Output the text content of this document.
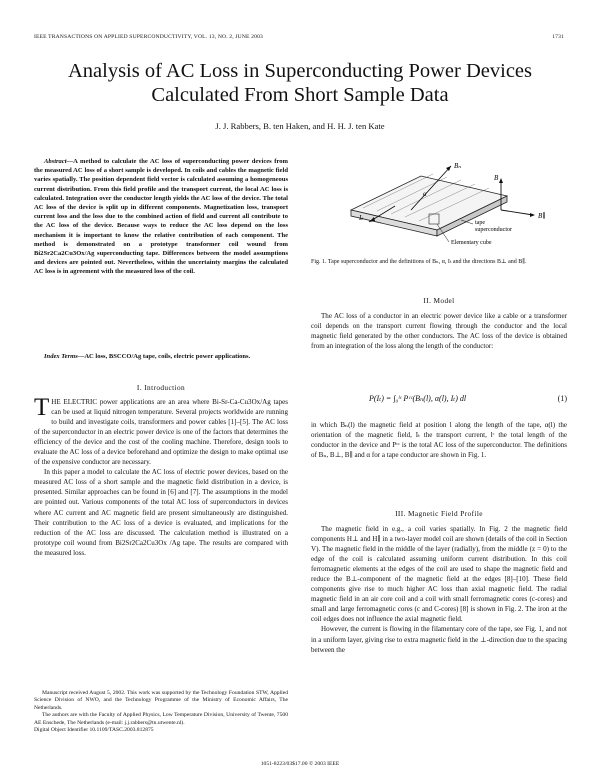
IEEE TRANSACTIONS ON APPLIED SUPERCONDUCTIVITY, VOL. 13, NO. 2, JUNE 2003	1731
Analysis of AC Loss in Superconducting Power Devices Calculated From Short Sample Data
J. J. Rabbers, B. ten Haken, and H. H. J. ten Kate

Abstract—A method to calculate the AC loss of superconducting power devices from the measured AC loss of a short sample is developed. In coils and cables the magnetic field varies spatially. The position dependent field vector is calculated assuming a homogeneous current distribution. From this field profile and the transport current, the local AC loss is calculated. Integration over the conductor length yields the AC loss of the device. The total AC loss of the device is split up in different components. Magnetization loss, transport current loss and the loss due to the combined action of field and current all contribute to the AC loss of the device. Because ways to reduce the AC loss depend on the loss mechanism it is important to know the relative contribution of each component. The method is demonstrated on a prototype transformer coil wound from Bi2Sr2Ca2Cu3Ox/Ag superconducting tape. Differences between the model assumptions and devices are pointed out. Nevertheless, within the uncertainty margins the calculated AC loss is in agreement with the measured loss of the coil.

Index Terms—AC loss, BSCCO/Ag tape, coils, electric power applications.

I. Introduction

THE ELECTRIC power applications are an area where Bi-Sr-Ca-Cu3Ox/Ag tapes can be used at liquid nitrogen temperature. Several projects worldwide are running to build and investigate coils, transformers and power cables [1]–[5]. The AC loss of the superconductor in an electric power device is one of the factors that determines the efficiency of the device and the cost of the cooling machine. Therefore, design tools to evaluate the AC loss of a device beforehand and optimize the design to make optimal use of the expensive conductor are necessary.

In this paper a model to calculate the AC loss of electric power devices, based on the measured AC loss of a short sample and the magnetic field distribution in a device, is presented. Similar approaches can be found in [6] and [7]. The assumptions in the model are pointed out. Various components of the total AC loss of superconductors in devices where AC current and AC magnetic field are present simultaneously are distinguished. Their contribution to the AC loss of a device is evaluated, and implications for the reduction of the AC loss are discussed. The calculation method is illustrated on a prototype coil wound from Bi2Sr2Ca2Cu3Ox /Ag tape. The results are compared with the measured loss.

Manuscript received August 5, 2002. This work was supported by the Technology Foundation STW, Applied Science Division of NWO, and the Technology Programme of the Ministry of Economic Affairs, The Netherlands.

The authors are with the Faculty of Applied Physics, Low Temperature Division, University of Twente, 7500 AE Enschede, The Netherlands (e-mail: j.j.rabbers@tn.utwente.nl).

Digital Object Identifier 10.1109/TASC.2003.812875

Bₙ
Iₜ
α
B
B∥
tape
superconductor
Elementary cube
Fig. 1. Tape superconductor and the definitions of Bₙ, α, Iₜ and the directions B⊥ and B∥.
II. Model

The AC loss of a conductor in an electric power device like a cable or a transformer coil depends on the transport current flowing through the conductor and the local magnetic field generated by the other conductors. The AC loss of the device is obtained from an integration of the loss along the length of the conductor:

P(Iₜ) = ∫₀ˡᶜ Pᶜᶜ(Bₙ(l), α(l), Iₜ) dl	(1)

in which Bₙ(l) the magnetic field at position l along the length of the tape, α(l) the orientation of the magnetic field, Iₜ the transport current, lᶜ the total length of the conductor in the device and Pᶜᶜ is the total AC loss of the superconductor. The definitions of Bₙ, B⊥, B∥ and α for a tape conductor are shown in Fig. 1.

III. Magnetic Field Profile

The magnetic field in e.g., a coil varies spatially. In Fig. 2 the magnetic field components H⊥ and H∥ in a two-layer model coil are shown (details of the coil in Section V). The magnetic field in the middle of the layer (radially), from the middle (z = 0) to the edge of the coil is calculated assuming uniform current distribution. In this coil ferromagnetic elements at the edges of the coil are used to shape the magnetic field and reduce the B⊥-component of the magnetic field at the edges [8]–[10]. These field components give rise to much higher AC loss than axial magnetic field. The radial magnetic field in an air core coil and a coil with small ferromagnetic cores (c-cores) and small and large ferromagnetic cores (c and C-cores) [8] is shown in Fig. 2. The iron at the coil edges does not influence the axial magnetic field.

However, the current is flowing in the filamentary core of the tape, see Fig. 1, and not in a uniform layer, giving rise to extra magnetic field in the ⊥-direction due to the spacing between the

1051-8223/03$17.00 © 2003 IEEE
